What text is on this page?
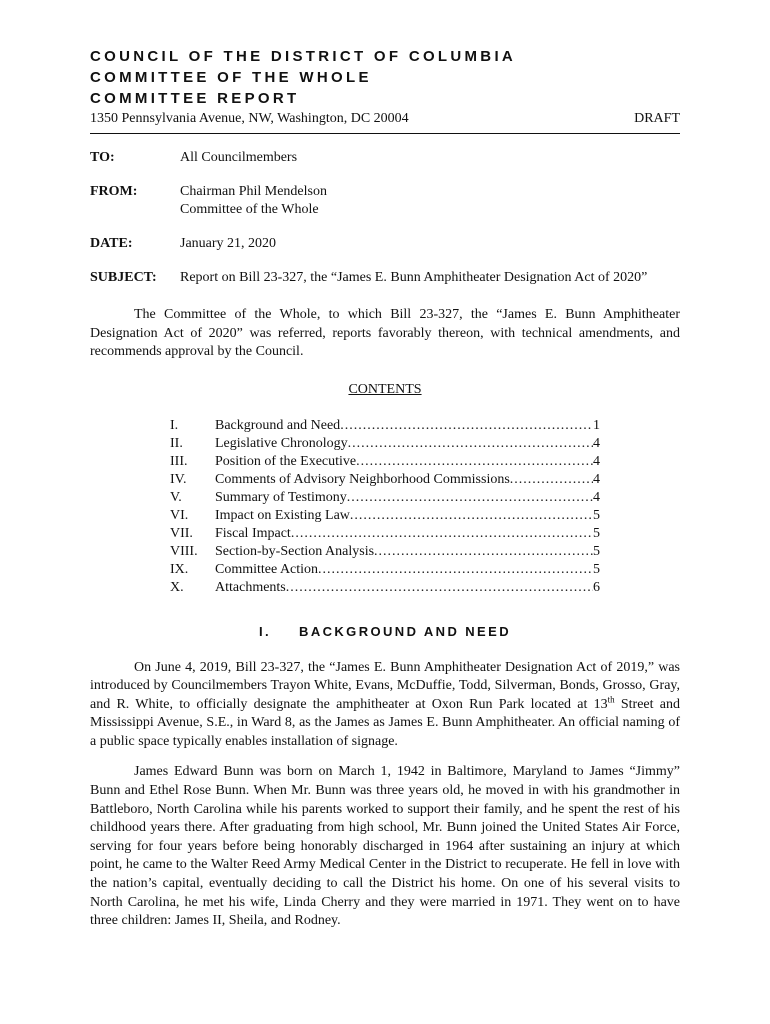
COUNCIL OF THE DISTRICT OF COLUMBIA
COMMITTEE OF THE WHOLE
COMMITTEE REPORT
1350 Pennsylvania Avenue, NW, Washington, DC 20004	DRAFT
TO:	All Councilmembers
FROM:	Chairman Phil Mendelson
Committee of the Whole
DATE:	January 21, 2020
SUBJECT:	Report on Bill 23-327, the “James E. Bunn Amphitheater Designation Act of 2020”

The Committee of the Whole, to which Bill 23-327, the “James E. Bunn Amphitheater Designation Act of 2020” was referred, reports favorably thereon, with technical amendments, and recommends approval by the Council.

CONTENTS
I.	Background and Need .....	1
II.	Legislative Chronology .....	4
III.	Position of the Executive .....	4
IV.	Comments of Advisory Neighborhood Commissions .....	4
V.	Summary of Testimony .....	4
VI.	Impact on Existing Law .....	5
VII.	Fiscal Impact .....	5
VIII.	Section-by-Section Analysis .....	5
IX.	Committee Action .....	5
X.	Attachments .....	6
I. BACKGROUND AND NEED

On June 4, 2019, Bill 23-327, the “James E. Bunn Amphitheater Designation Act of 2019,” was introduced by Councilmembers Trayon White, Evans, McDuffie, Todd, Silverman, Bonds, Grosso, Gray, and R. White, to officially designate the amphitheater at Oxon Run Park located at 13th Street and Mississippi Avenue, S.E., in Ward 8, as the James as James E. Bunn Amphitheater. An official naming of a public space typically enables installation of signage.

James Edward Bunn was born on March 1, 1942 in Baltimore, Maryland to James “Jimmy” Bunn and Ethel Rose Bunn. When Mr. Bunn was three years old, he moved in with his grandmother in Battleboro, North Carolina while his parents worked to support their family, and he spent the rest of his childhood years there. After graduating from high school, Mr. Bunn joined the United States Air Force, serving for four years before being honorably discharged in 1964 after sustaining an injury at which point, he came to the Walter Reed Army Medical Center in the District to recuperate. He fell in love with the nation’s capital, eventually deciding to call the District his home. On one of his several visits to North Carolina, he met his wife, Linda Cherry and they were married in 1971. They went on to have three children: James II, Sheila, and Rodney.
